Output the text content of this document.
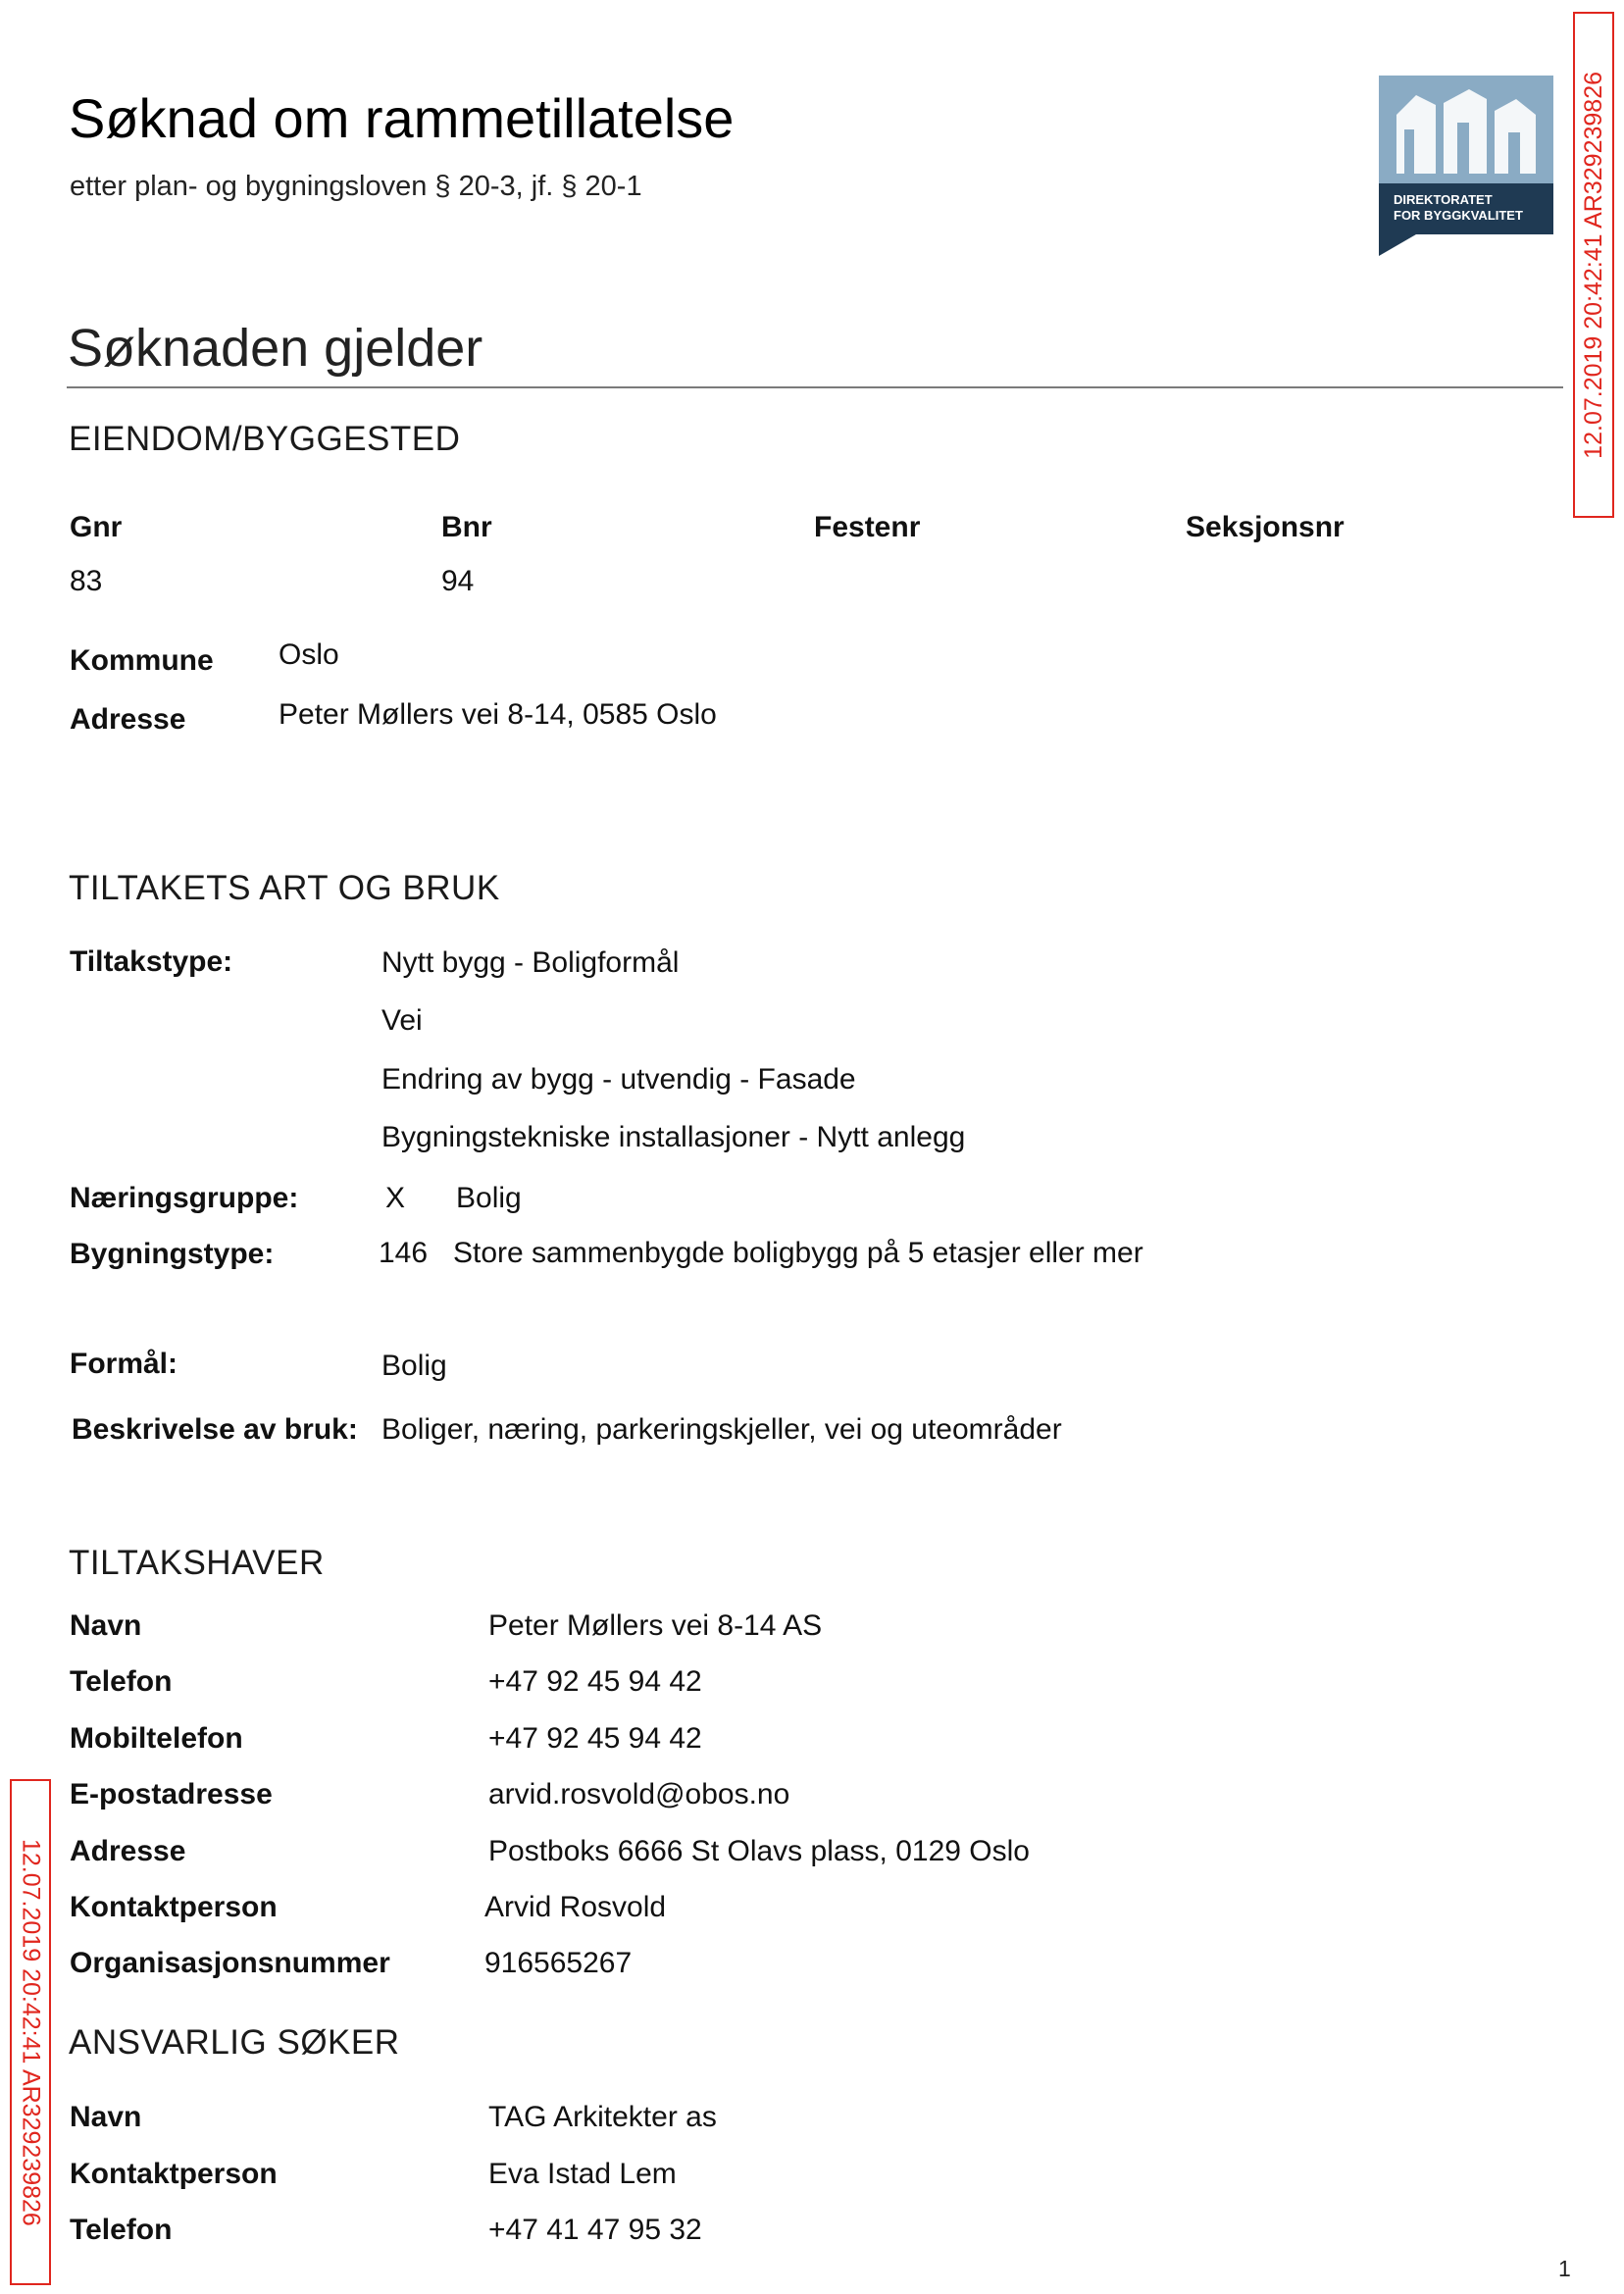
Søknad om rammetillatelse
etter plan- og bygningsloven § 20-3, jf. § 20-1	DIREKTORATET
FOR BYGGKVALITET	12.07.2019 20:42:41 AR329239826
12.07.2019 20:42:41 AR329239826
Søknaden gjelder
EIENDOM/BYGGESTED
Gnr	Bnr	Festenr	Seksjonsnr
83	94
Kommune Oslo
Adresse	Peter Møllers vei 8-14, 0585 Oslo
TILTAKETS ART OG BRUK
Tiltakstype:	Nytt bygg - Boligformål
Vei
Endring av bygg - utvendig - Fasade
Bygningstekniske installasjoner - Nytt anlegg
Næringsgruppe:	X Bolig
Bygningstype:	146 Store sammenbygde boligbygg på 5 etasjer eller mer
Formål:	Bolig
Beskrivelse av bruk: Boliger, næring, parkeringskjeller, vei og uteområder
TILTAKSHAVER
Navn	Peter Møllers vei 8-14 AS
Telefon	+47 92 45 94 42
Mobiltelefon	+47 92 45 94 42
E-postadresse	arvid.rosvold@obos.no
Adresse	Postboks 6666 St Olavs plass, 0129 Oslo
Kontaktperson	Arvid Rosvold
Organisasjonsnummer	916565267
ANSVARLIG SØKER
Navn	TAG Arkitekter as
Kontaktperson	Eva Istad Lem
Telefon	+47 41 47 95 32
1
